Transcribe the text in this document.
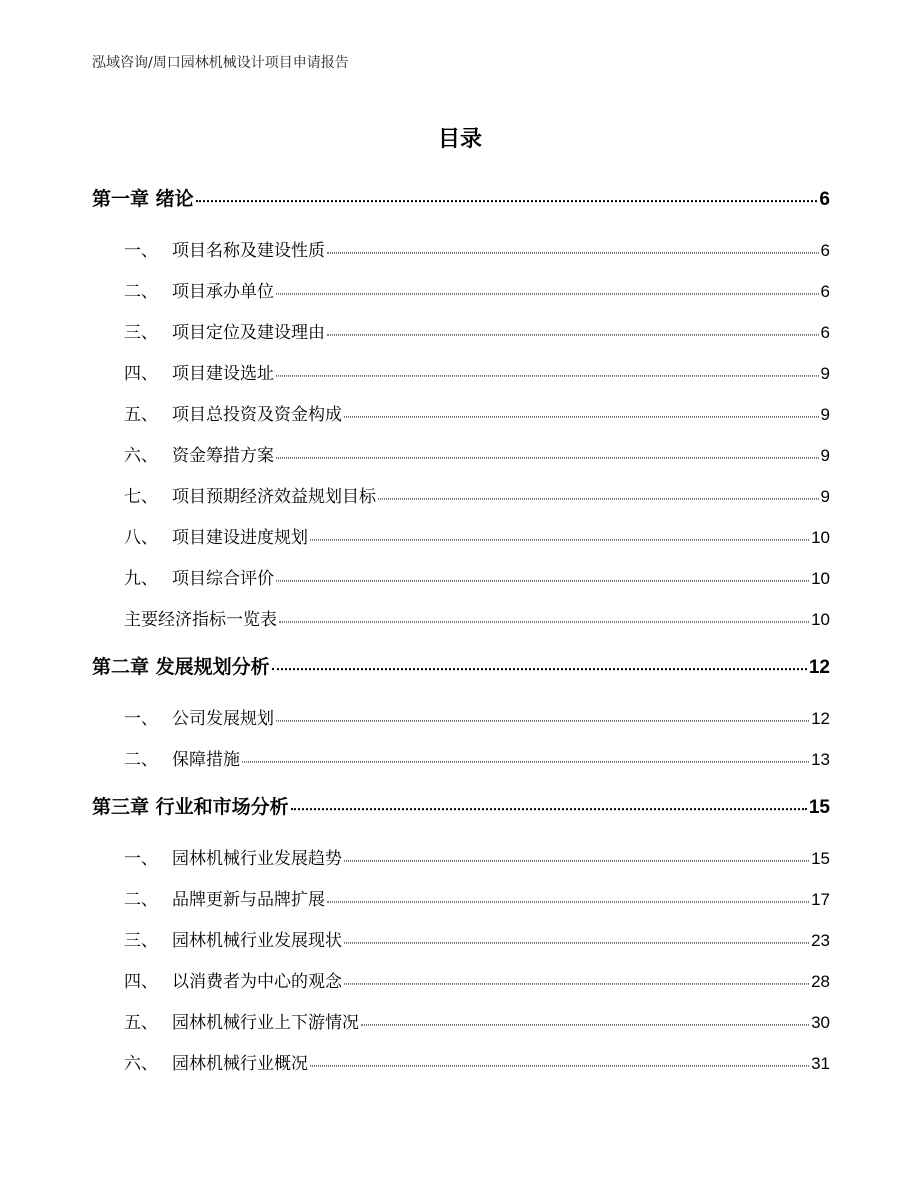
泓域咨询/周口园林机械设计项目申请报告
目录
第一章 绪论	6
一、 项目名称及建设性质	6
二、 项目承办单位	6
三、 项目定位及建设理由	6
四、 项目建设选址	9
五、 项目总投资及资金构成	9
六、 资金筹措方案	9
七、 项目预期经济效益规划目标	9
八、 项目建设进度规划	10
九、 项目综合评价	10
主要经济指标一览表	10
第二章 发展规划分析	12
一、 公司发展规划	12
二、 保障措施	13
第三章 行业和市场分析	15
一、 园林机械行业发展趋势	15
二、 品牌更新与品牌扩展	17
三、 园林机械行业发展现状	23
四、 以消费者为中心的观念	28
五、 园林机械行业上下游情况	30
六、 园林机械行业概况	31
